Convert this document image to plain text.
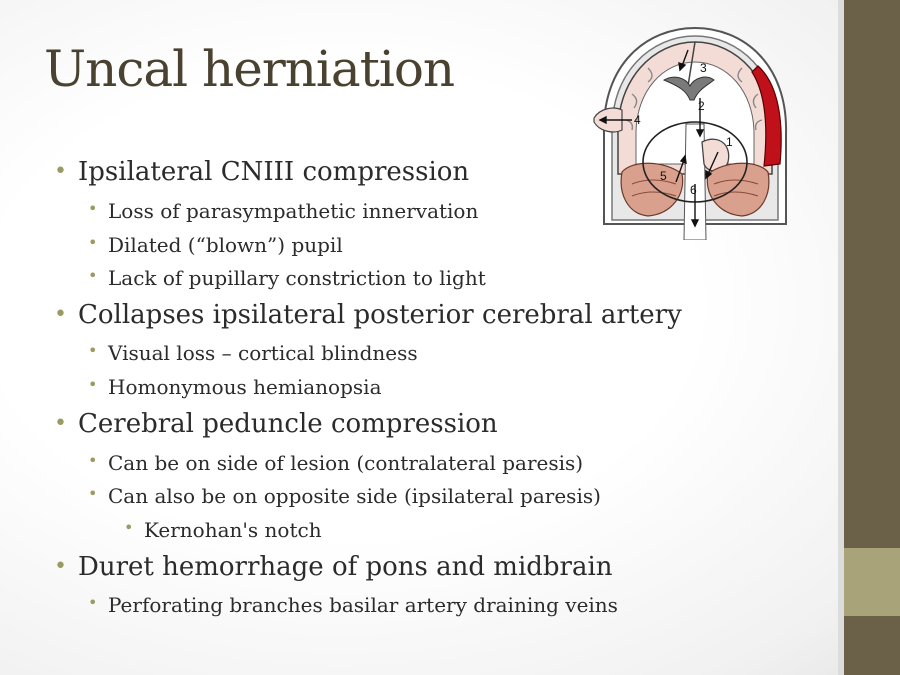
Uncal herniation
1
2
3
4
5
6
• Ipsilateral CNIII compression
• Loss of parasympathetic innervation
• Dilated (“blown”) pupil
• Lack of pupillary constriction to light
• Collapses ipsilateral posterior cerebral artery
• Visual loss – cortical blindness
• Homonymous hemianopsia
• Cerebral peduncle compression
• Can be on side of lesion (contralateral paresis)
• Can also be on opposite side (ipsilateral paresis)
• Kernohan's notch
• Duret hemorrhage of pons and midbrain
• Perforating branches basilar artery draining veins
